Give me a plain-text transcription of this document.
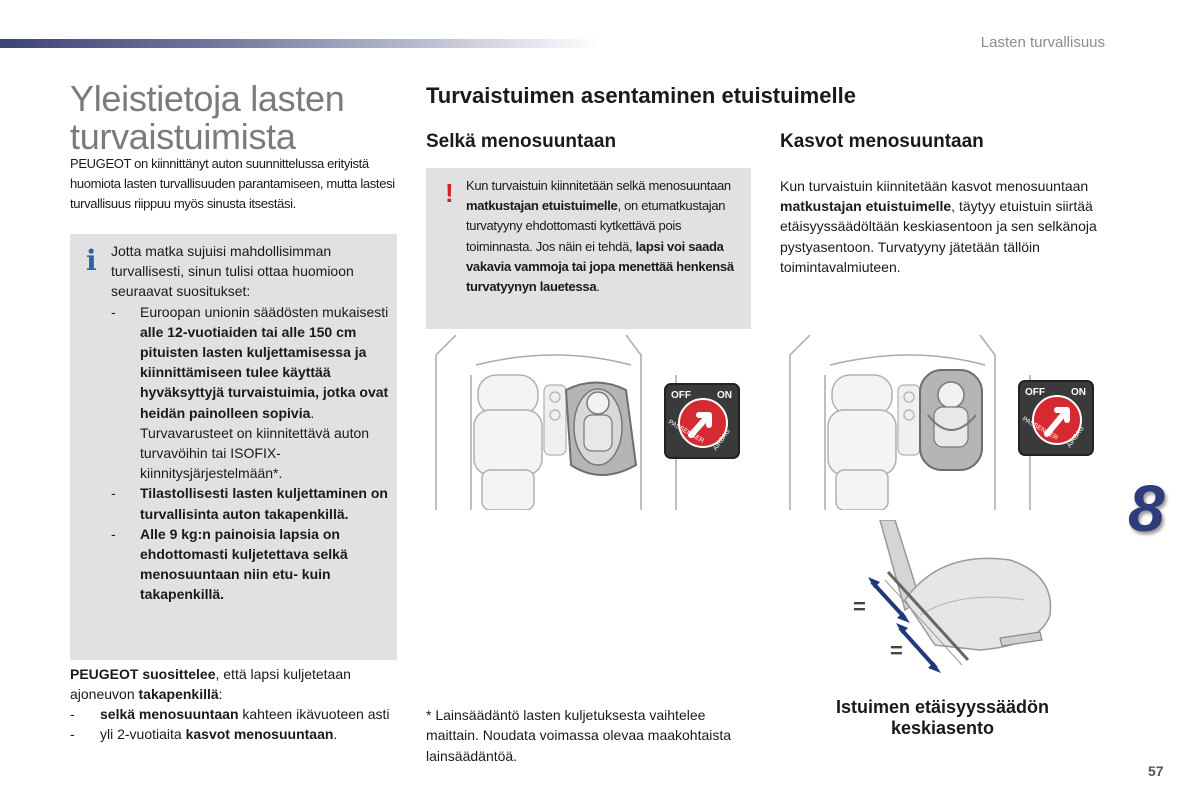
Lasten turvallisuus
Yleistietoja lasten
turvaistuimista
PEUGEOT on kiinnittänyt auton suunnittelussa erityistä huomiota lasten turvallisuuden parantamiseen, mutta lastesi turvallisuus riippuu myös sinusta itsestäsi.
i	Jotta matka sujuisi mahdollisimman turvallisesti, sinun tulisi ottaa huomioon seuraavat suositukset:
- Euroopan unionin säädösten mukaisesti alle 12-vuotiaiden tai alle 150 cm pituisten lasten kuljettamisessa ja kiinnittämiseen tulee käyttää hyväksyttyjä turvaistuimia, jotka ovat heidän painolleen sopivia. Turvavarusteet on kiinnitettävä auton turvavöihin tai ISOFIX-kiinnitysjärjestelmään*.
- Tilastollisesti lasten kuljettaminen on turvallisinta auton takapenkillä.
- Alle 9 kg:n painoisia lapsia on ehdottomasti kuljetettava selkä menosuuntaan niin etu- kuin takapenkillä.
PEUGEOT suosittelee, että lapsi kuljetetaan ajoneuvon takapenkillä:
- selkä menosuuntaan kahteen ikävuoteen asti
- yli 2-vuotiaita kasvot menosuuntaan.
Turvaistuimen asentaminen etuistuimelle
Selkä menosuuntaan	Kasvot menosuuntaan
! Kun turvaistuin kiinnitetään selkä menosuuntaan matkustajan etuistuimelle, on etumatkustajan turvatyyny ehdottomasti kytkettävä pois toiminnasta. Jos näin ei tehdä, lapsi voi saada vakavia vammoja tai jopa menettää henkensä turvatyynyn lauetessa.
Kun turvaistuin kiinnitetään kasvot menosuuntaan matkustajan etuistuimelle, täytyy etuistuin siirtää etäisyyssäädöltään keskiasentoon ja sen selkänoja pystyasentoon. Turvatyyny jätetään tällöin toimintavalmiuteen.
OFF	ON
PASSENGER AIRBAG
OFF	ON
PASSENGER AIRBAG
=
=
* Lainsäädäntö lasten kuljetuksesta vaihtelee maittain. Noudata voimassa olevaa maakohtaista lainsäädäntöä.
Istuimen etäisyyssäädön keskiasento
8
57
